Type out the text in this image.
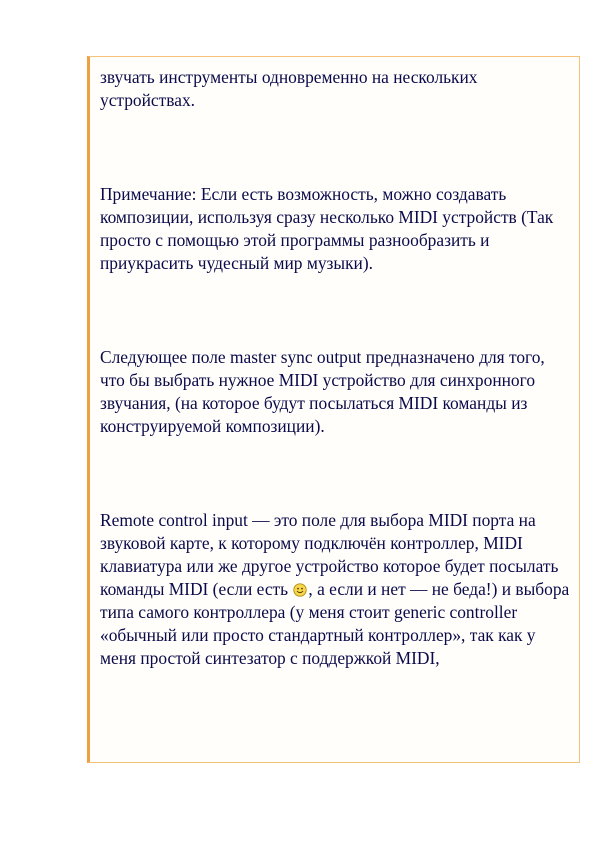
звучать инструменты одновременно на нескольких устройствах.

Примечание: Если есть возможность, можно создавать композиции, используя сразу несколько MIDI устройств (Так просто с помощью этой программы разнообразить и приукрасить чудесный мир музыки).

Следующее поле master sync output предназначено для того, что бы выбрать нужное MIDI устройство для синхронного звучания, (на которое будут посылаться MIDI команды из конструируемой композиции).

Remote control input — это поле для выбора MIDI порта на звуковой карте, к которому подключён контроллер, MIDI клавиатура или же другое устройство которое будет посылать команды MIDI (если есть , а если и нет — не беда!) и выбора типа самого контроллера (у меня стоит generic controller «обычный или просто стандартный контроллер», так как у меня простой синтезатор с поддержкой MIDI,
